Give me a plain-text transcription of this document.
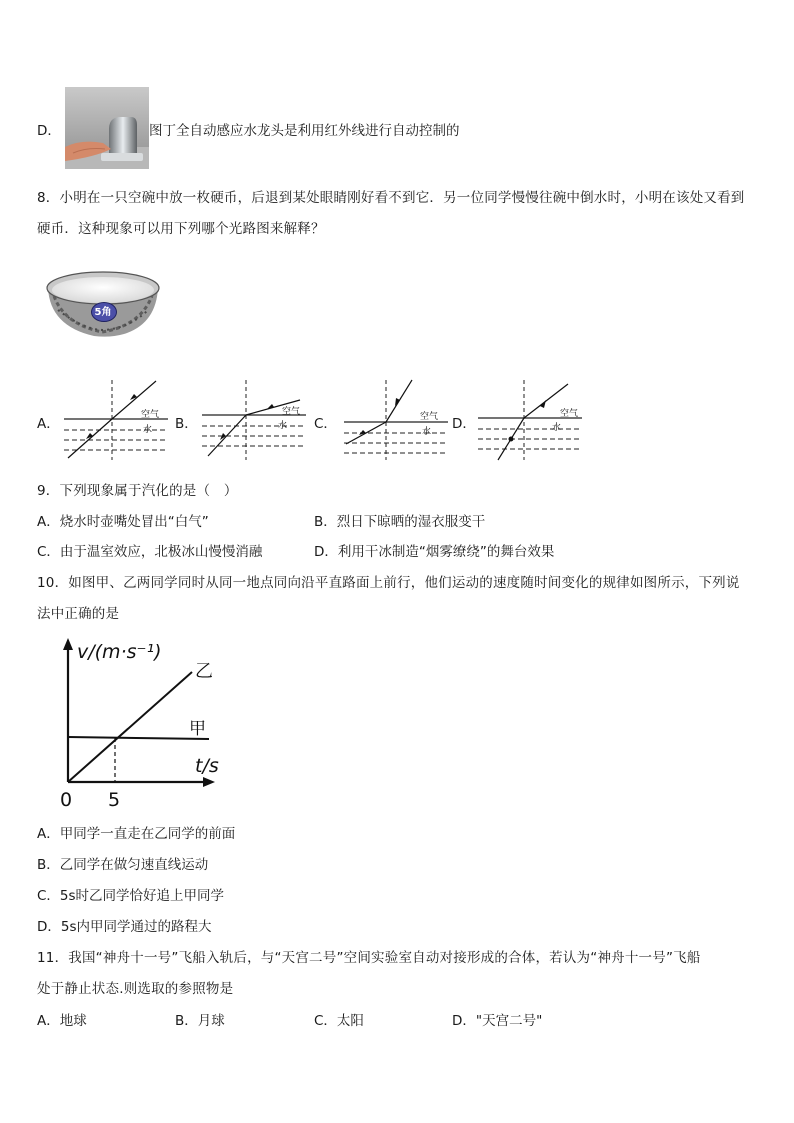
D．	图丁全自动感应水龙头是利用红外线进行自动控制的
8．小明在一只空碗中放一枚硬币，后退到某处眼睛刚好看不到它．另一位同学慢慢往碗中倒水时，小明在该处又看到
硬币．这种现象可以用下列哪个光路图来解释？
5角
A．
空气
水 B．
空气
水 C．	空气
水 D．
空气
水
9．下列现象属于汽化的是（　）
A．烧水时壶嘴处冒出“白气”	B．烈日下晾晒的湿衣服变干
C．由于温室效应，北极冰山慢慢消融	D．利用干冰制造“烟雾缭绕”的舞台效果
10．如图甲、乙两同学同时从同一地点同向沿平直路面上前行，他们运动的速度随时间变化的规律如图所示，下列说
法中正确的是
v/(m·s⁻¹)
乙
甲
t/s
0 5
A．甲同学一直走在乙同学的前面
B．乙同学在做匀速直线运动
C．5s时乙同学恰好追上甲同学
D．5s内甲同学通过的路程大
11．我国“神舟十一号”飞船入轨后，与“天宫二号”空间实验室自动对接形成的合体，若认为“神舟十一号”飞船
处于静止状态.则选取的参照物是
A．地球	B．月球	C．太阳	D．"天宫二号"
